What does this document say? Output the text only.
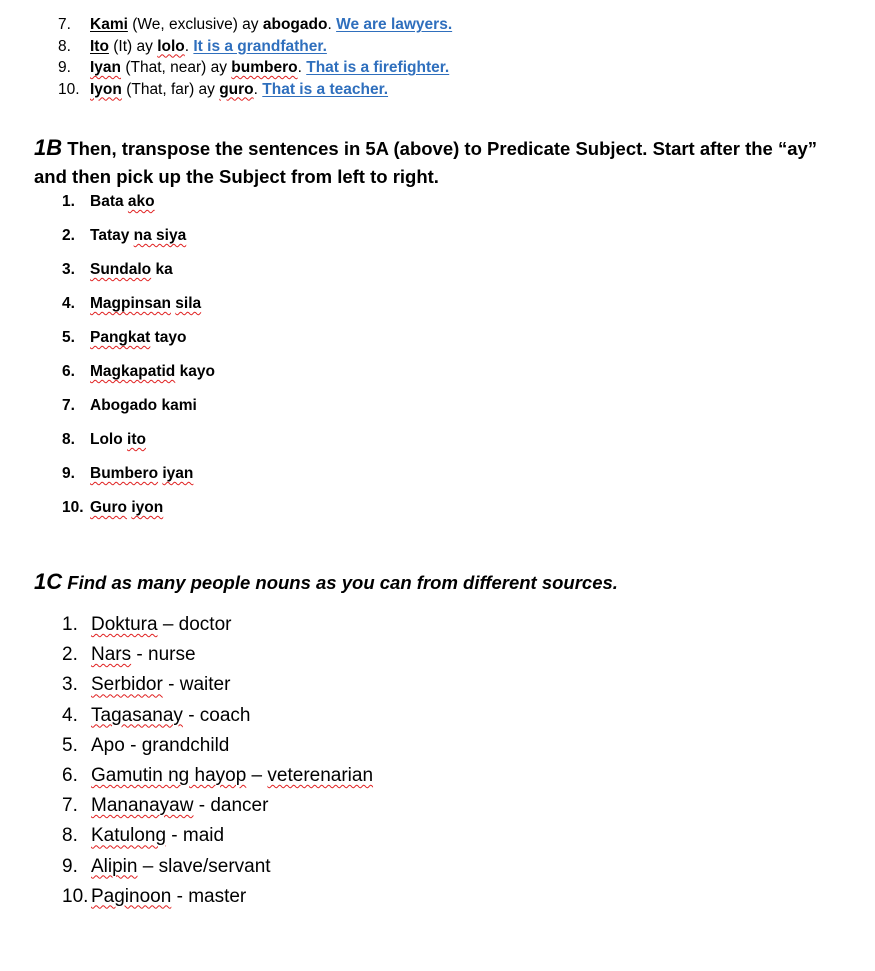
7. Kami (We, exclusive) ay abogado. We are lawyers.
8. Ito (It) ay lolo. It is a grandfather.
9. Iyan (That, near) ay bumbero. That is a firefighter.
10. Iyon (That, far) ay guro. That is a teacher.
1B Then, transpose the sentences in 5A (above) to Predicate Subject. Start after the “ay” and then pick up the Subject from left to right.
1. Bata ako
2. Tatay na siya
3. Sundalo ka
4. Magpinsan sila
5. Pangkat tayo
6. Magkapatid kayo
7. Abogado kami
8. Lolo ito
9. Bumbero iyan
10. Guro iyon
1C Find as many people nouns as you can from different sources.
1. Doktura – doctor
2. Nars - nurse
3. Serbidor - waiter
4. Tagasanay - coach
5. Apo - grandchild
6. Gamutin ng hayop – veterenarian
7. Mananayaw - dancer
8. Katulong - maid
9. Alipin – slave/servant
10. Paginoon - master
